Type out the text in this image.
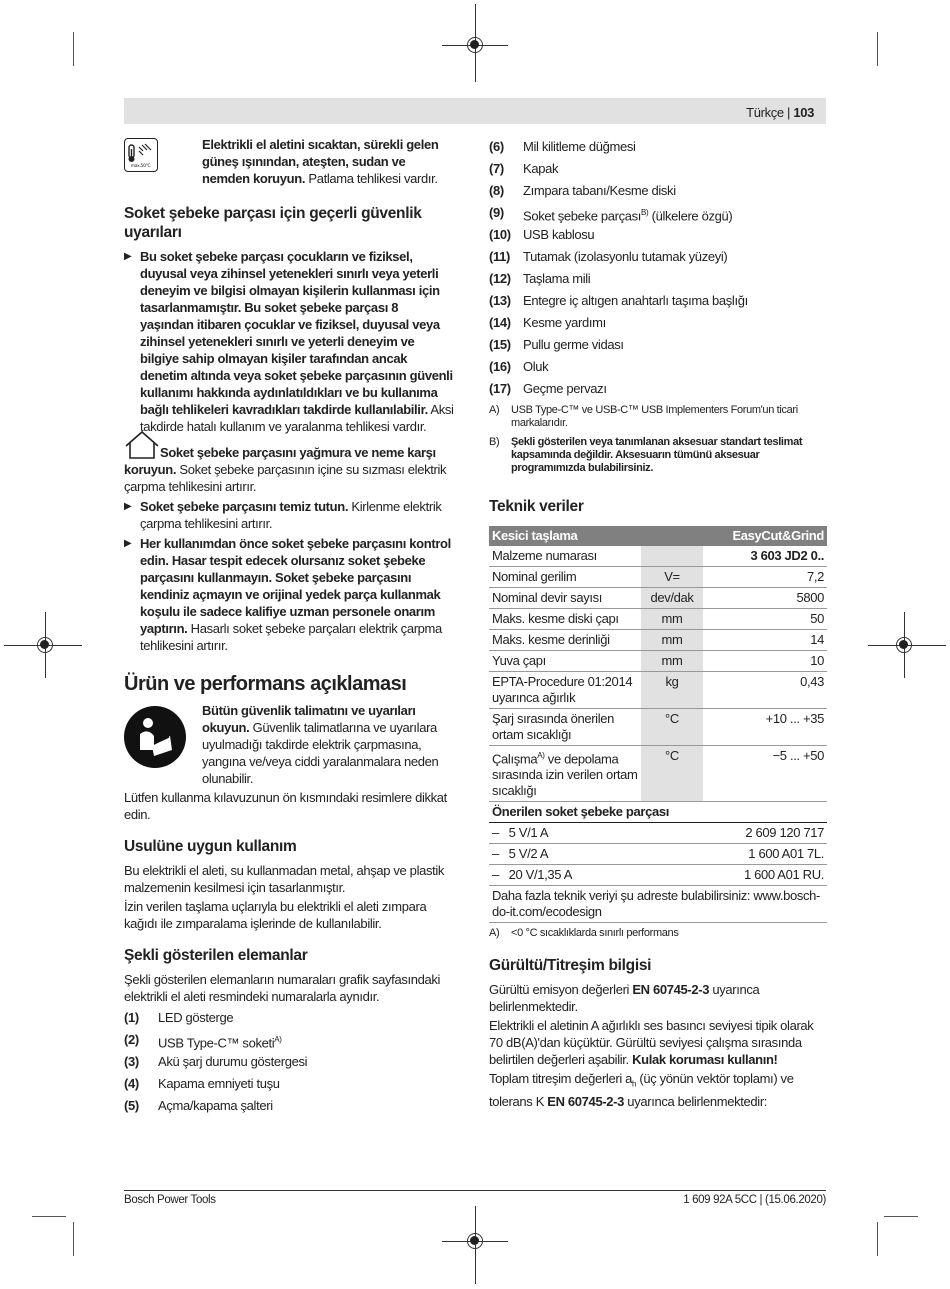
Türkçe | 103
max.50°C

Elektrikli el aletini sıcaktan, sürekli gelen güneş ışınından, ateşten, sudan ve nemden koruyun. Patlama tehlikesi vardır.

Soket şebeke parçası için geçerli güvenlik uyarıları

▶ Bu soket şebeke parçası çocukların ve fiziksel, duyusal veya zihinsel yetenekleri sınırlı veya yeterli deneyim ve bilgisi olmayan kişilerin kullanması için tasarlanmamıştır. Bu soket şebeke parçası 8 yaşından itibaren çocuklar ve fiziksel, duyusal veya zihinsel yetenekleri sınırlı ve yeterli deneyim ve bilgiye sahip olmayan kişiler tarafından ancak denetim altında veya soket şebeke parçasının güvenli kullanımı hakkında aydınlatıldıkları ve bu kullanıma bağlı tehlikeleri kavradıkları takdirde kullanılabilir. Aksi takdirde hatalı kullanım ve yaralanma tehlikesi vardır.

Soket şebeke parçasını yağmura ve neme karşı koruyun. Soket şebeke parçasının içine su sızması elektrik çarpma tehlikesini artırır.

▶ Soket şebeke parçasını temiz tutun. Kirlenme elektrik çarpma tehlikesini artırır.

▶ Her kullanımdan önce soket şebeke parçasını kontrol edin. Hasar tespit edecek olursanız soket şebeke parçasını kullanmayın. Soket şebeke parçasını kendiniz açmayın ve orijinal yedek parça kullanmak koşulu ile sadece kalifiye uzman personele onarım yaptırın. Hasarlı soket şebeke parçaları elektrik çarpma tehlikesini artırır.

Ürün ve performans açıklaması

Bütün güvenlik talimatını ve uyarıları okuyun. Güvenlik talimatlarına ve uyarılara uyulmadığı takdirde elektrik çarpmasına, yangına ve/veya ciddi yaralanmalara neden olunabilir.

Lütfen kullanma kılavuzunun ön kısmındaki resimlere dikkat edin.

Usulüne uygun kullanım

Bu elektrikli el aleti, su kullanmadan metal, ahşap ve plastik malzemenin kesilmesi için tasarlanmıştır.

İzin verilen taşlama uçlarıyla bu elektrikli el aleti zımpara kağıdı ile zımparalama işlerinde de kullanılabilir.

Şekli gösterilen elemanlar

Şekli gösterilen elemanların numaraları grafik sayfasındaki elektrikli el aleti resmindeki numaralarla aynıdır.

(1)	LED gösterge
(2)	USB Type-C™ soketi$^{A)}$
(3)	Akü şarj durumu göstergesi
(4)	Kapama emniyeti tuşu
(5)	Açma/kapama şalteri
(6)	Mil kilitleme düğmesi
(7)	Kapak
(8)	Zımpara tabanı/Kesme diski
(9)	Soket şebeke parçası$^{B)}$ (ülkelere özgü)
(10) USB kablosu
(11) Tutamak (izolasyonlu tutamak yüzeyi)
(12) Taşlama mili
(13) Entegre iç altıgen anahtarlı taşıma başlığı
(14) Kesme yardımı
(15) Pullu germe vidası
(16) Oluk
(17) Geçme pervazı
A)	USB Type-C™ ve USB-C™ USB Implementers Forum'un ticari markalarıdır.
B)	Şekli gösterilen veya tanımlanan aksesuar standart teslimat kapsamında değildir. Aksesuarın tümünü aksesuar programımızda bulabilirsiniz.
Teknik veriler
Kesici taşlama		EasyCut&Grind
Malzeme numarası		3 603 JD2 0..
Nominal gerilim	V=	7,2
Nominal devir sayısı	dev/dak	5800
Maks. kesme diski çapı	mm	50
Maks. kesme derinliği	mm	14
Yuva çapı	mm	10
EPTA-Procedure 01:2014 uyarınca ağırlık	kg	0,43
Şarj sırasında önerilen ortam sıcaklığı	°C	+10 ... +35
Çalışma$^{A)}$ ve depolama sırasında izin verilen ortam sıcaklığı	°C	−5 ... +50
Önerilen soket şebeke parçası		
–   5 V/1 A		2 609 120 717
–   5 V/2 A		1 600 A01 7L.
–   20 V/1,35 A		1 600 A01 RU.
Daha fazla teknik veriyi şu adreste bulabilirsiniz: www.bosch-do-it.com/ecodesign		
A)	<0 °C sıcaklıklarda sınırlı performans
Gürültü/Titreşim bilgisi

Gürültü emisyon değerleri EN 60745-2-3 uyarınca belirlenmektedir.

Elektrikli el aletinin A ağırlıklı ses basıncı seviyesi tipik olarak 70 dB(A)'dan küçüktür. Gürültü seviyesi çalışma sırasında belirtilen değerleri aşabilir. Kulak koruması kullanın!

Toplam titreşim değerleri $a_h$ (üç yönün vektör toplamı) ve tolerans K EN 60745-2-3 uyarınca belirlenmektedir:

Bosch Power Tools	1 609 92A 5CC | (15.06.2020)
